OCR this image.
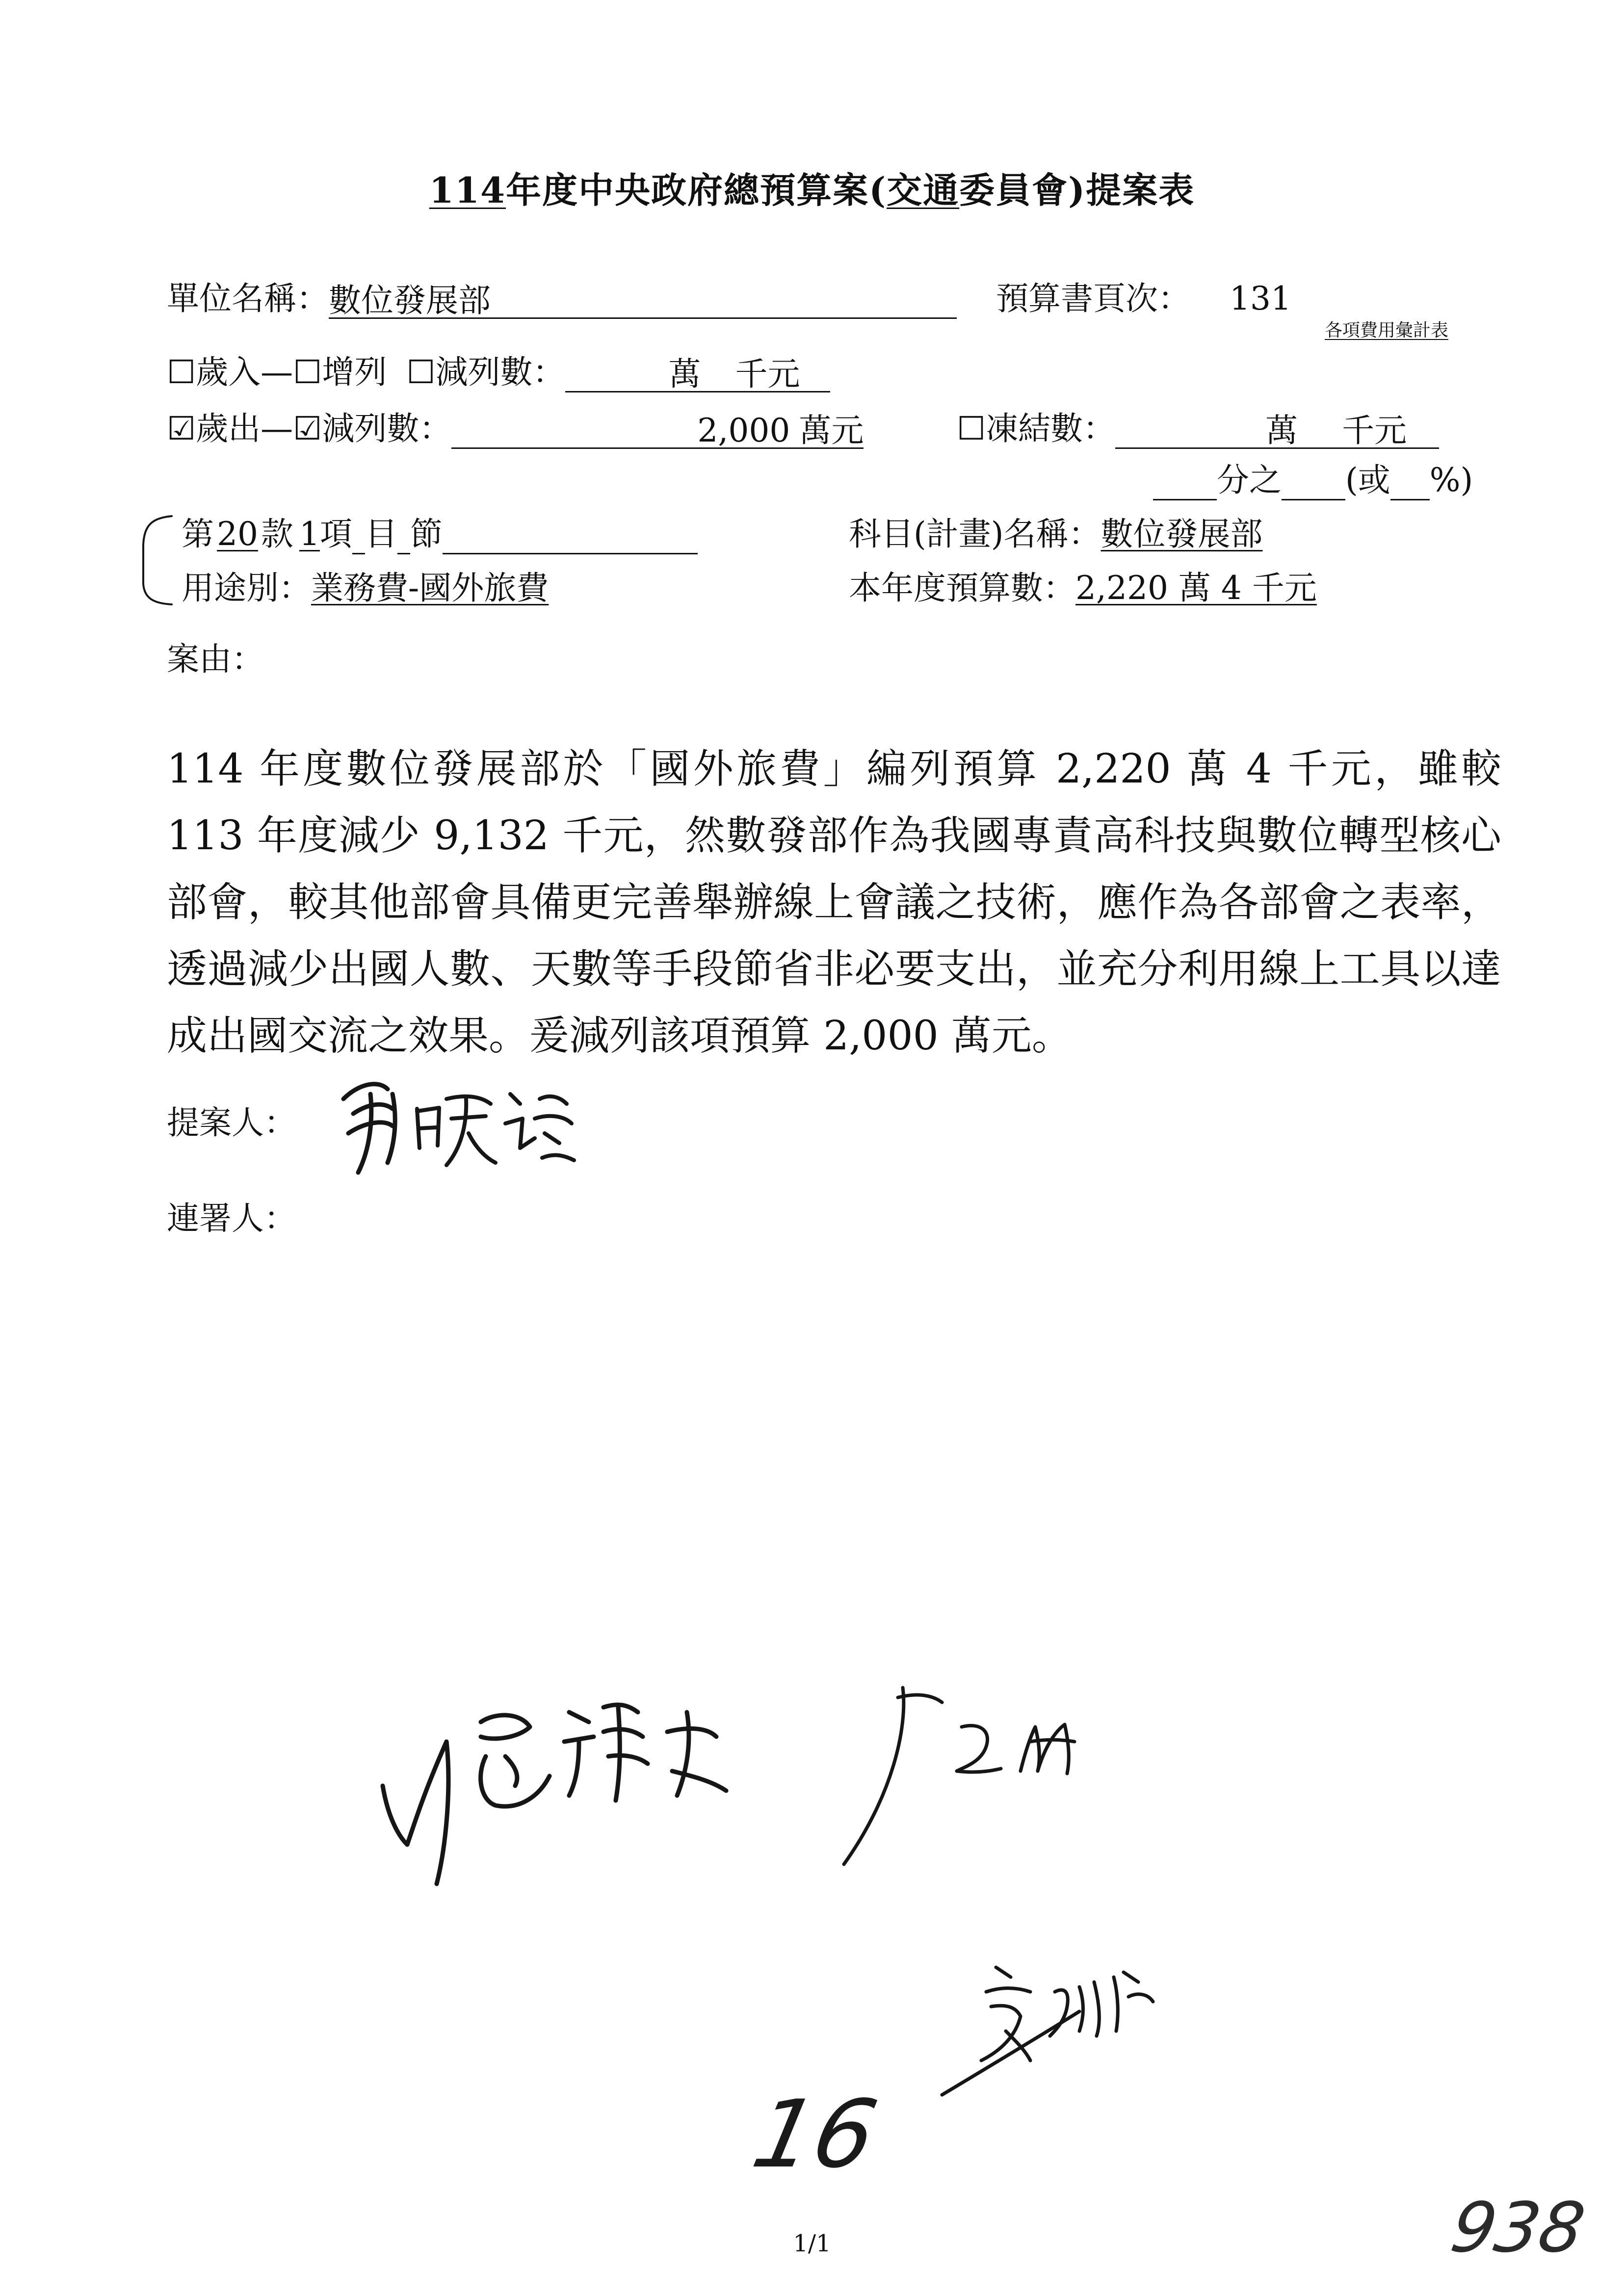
114年度中央政府總預算案(交通委員會)提案表
單位名稱：數位發展部	預算書頁次： 131
各項費用彙計表
☐歲入—☐增列 ☐減列數：	萬 千元
☑歲出—☑減列數：	2,000 萬元	☐凍結數：	萬 千元
分之 (或 %)
第20款 1項 目 節	科目(計畫)名稱：數位發展部
用途別：業務費-國外旅費	本年度預算數：2,220 萬 4 千元
案由：
114 年度數位發展部於「國外旅費」編列預算 2,220 萬 4 千元，雖較 113 年度減少 9,132 千元，然數發部作為我國專責高科技與數位轉型核心部會，較其他部會具備更完善舉辦線上會議之技術，應作為各部會之表率，透過減少出國人數、天數等手段節省非必要支出，並充分利用線上工具以達成出國交流之效果。爰減列該項預算 2,000 萬元。
提案人：
連署人：
16
938
1/1
